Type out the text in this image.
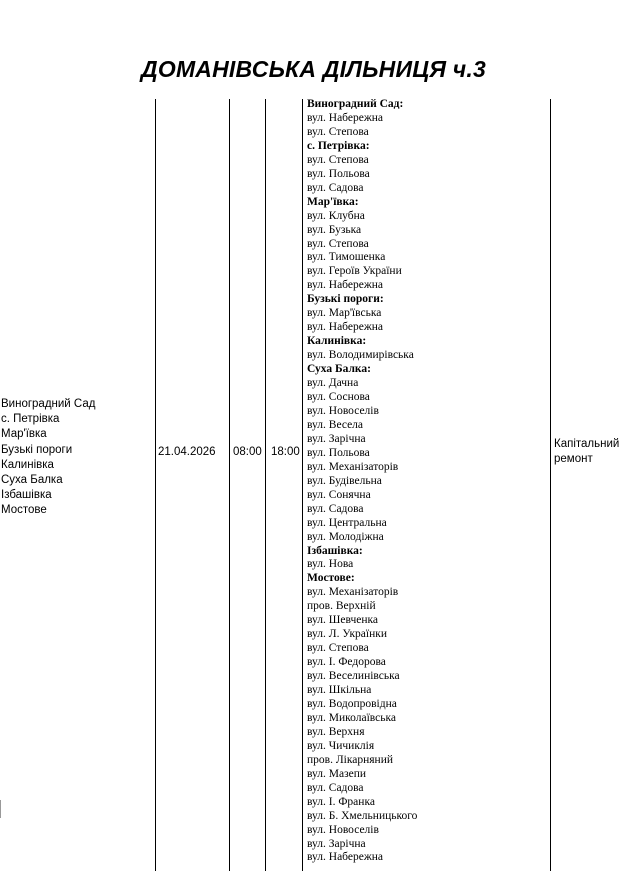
ДОМАНІВСЬКА ДІЛЬНИЦЯ ч.3
Виноградний Сад
с. Петрівка
Мар'ївка
Бузькі пороги
Калинівка
Суха Балка
Ізбашівка
Мостове
21.04.2026 08:00 18:00
Виноградний Сад:
вул. Набережна
вул. Степова
с. Петрівка:
вул. Степова
вул. Польова
вул. Садова
Мар'ївка:
вул. Клубна
вул. Бузька
вул. Степова
вул. Тимошенка
вул. Героїв України
вул. Набережна
Бузькі пороги:
вул. Мар'ївська
вул. Набережна
Калинівка:
вул. Володимирівська
Суха Балка:
вул. Дачна
вул. Соснова
вул. Новоселів
вул. Весела
вул. Зарічна
вул. Польова
вул. Механізаторів
вул. Будівельна
вул. Сонячна
вул. Садова
вул. Центральна
вул. Молодіжна
Ізбашівка:
вул. Нова
Мостове:
вул. Механізаторів
пров. Верхній
вул. Шевченка
вул. Л. Українки
вул. Степова
вул. І. Федорова
вул. Веселинівська
вул. Шкільна
вул. Водопровідна
вул. Миколаївська
вул. Верхня
вул. Чичиклія
пров. Лікарняний
вул. Мазепи
вул. Садова
вул. І. Франка
вул. Б. Хмельницького
вул. Новоселів
вул. Зарічна
вул. Набережна
Капітальний ремонт
